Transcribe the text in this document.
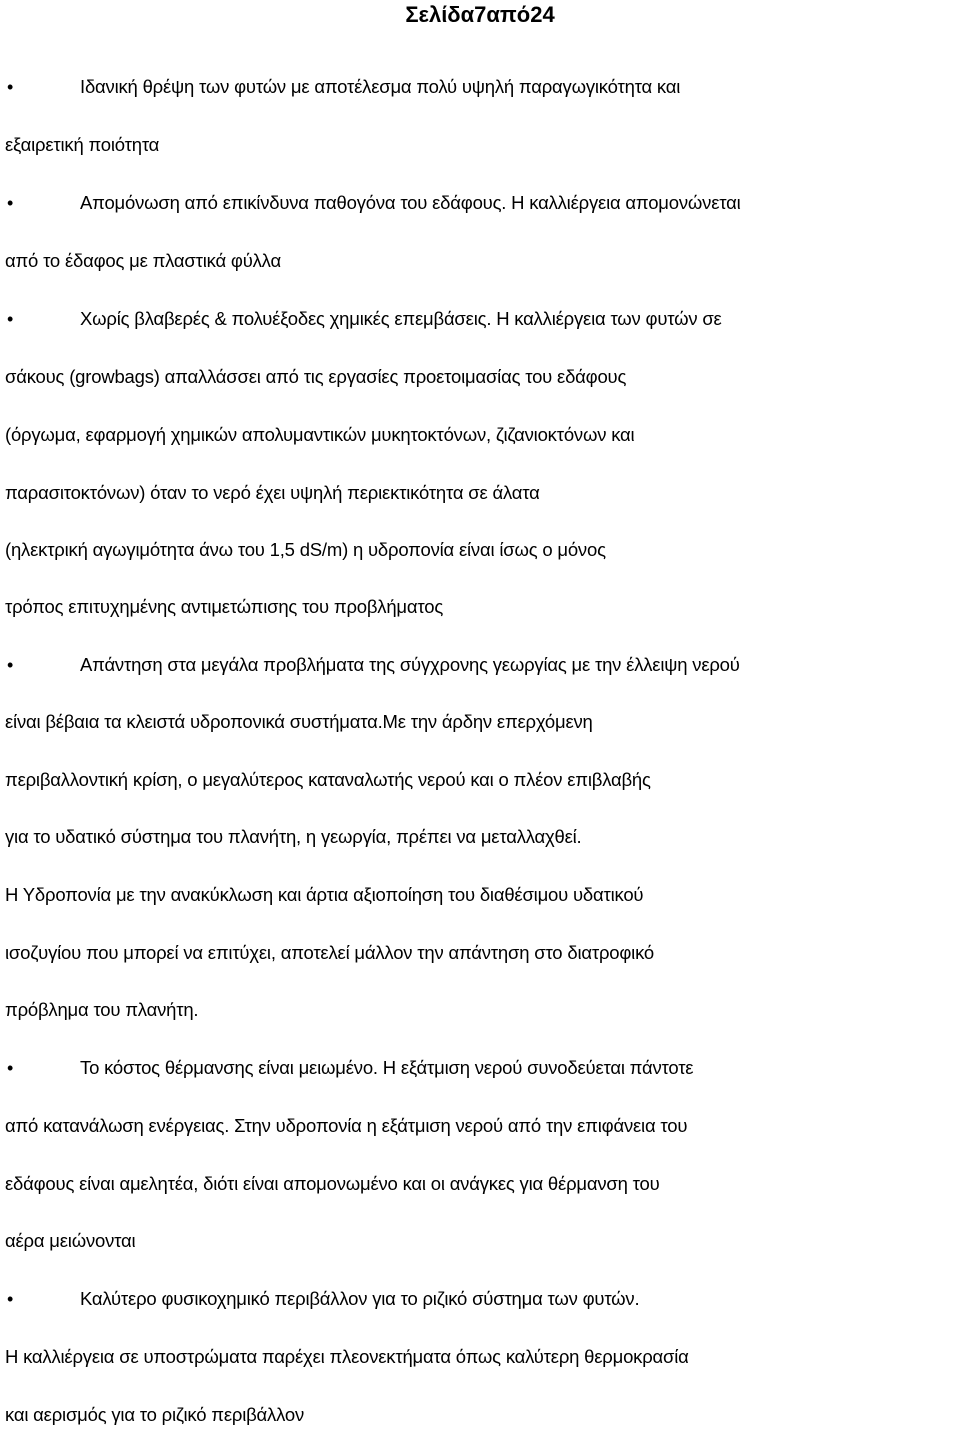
Σελίδα7από24
•	Ιδανική θρέψη των φυτών με αποτέλεσμα πολύ υψηλή παραγωγικότητα και
εξαιρετική ποιότητα
•	Απομόνωση από επικίνδυνα παθογόνα του εδάφους. Η καλλιέργεια απομονώνεται
από το έδαφος με πλαστικά φύλλα
•	Χωρίς βλαβερές & πολυέξοδες χημικές επεμβάσεις. Η καλλιέργεια των φυτών σε
σάκους (growbags) απαλλάσσει από τις εργασίες προετοιμασίας του εδάφους
(όργωμα, εφαρμογή χημικών απολυμαντικών μυκητοκτόνων, ζιζανιοκτόνων και
παρασιτοκτόνων) όταν το νερό έχει υψηλή περιεκτικότητα σε άλατα
(ηλεκτρική αγωγιμότητα άνω του 1,5 dS/m) η υδροπονία είναι ίσως ο μόνος
τρόπος επιτυχημένης αντιμετώπισης του προβλήματος
•	Απάντηση στα μεγάλα προβλήματα της σύγχρονης γεωργίας με την έλλειψη νερού
είναι βέβαια τα κλειστά υδροπονικά συστήματα.Με την άρδην επερχόμενη
περιβαλλοντική κρίση, ο μεγαλύτερος καταναλωτής νερού και ο πλέον επιβλαβής
για το υδατικό σύστημα του πλανήτη, η γεωργία, πρέπει να μεταλλαχθεί.
Η Υδροπονία με την ανακύκλωση και άρτια αξιοποίηση του διαθέσιμου υδατικού
ισοζυγίου που μπορεί να επιτύχει, αποτελεί μάλλον την απάντηση στο διατροφικό
πρόβλημα του πλανήτη.
•	Το κόστος θέρμανσης είναι μειωμένο. Η εξάτμιση νερού συνοδεύεται πάντοτε
από κατανάλωση ενέργειας. Στην υδροπονία η εξάτμιση νερού από την επιφάνεια του
εδάφους είναι αμελητέα, διότι είναι απομονωμένο και οι ανάγκες για θέρμανση του
αέρα μειώνονται
•	Καλύτερο φυσικοχημικό περιβάλλον για το ριζικό σύστημα των φυτών.
Η καλλιέργεια σε υποστρώματα παρέχει πλεονεκτήματα όπως καλύτερη θερμοκρασία
και αερισμός για το ριζικό περιβάλλον
